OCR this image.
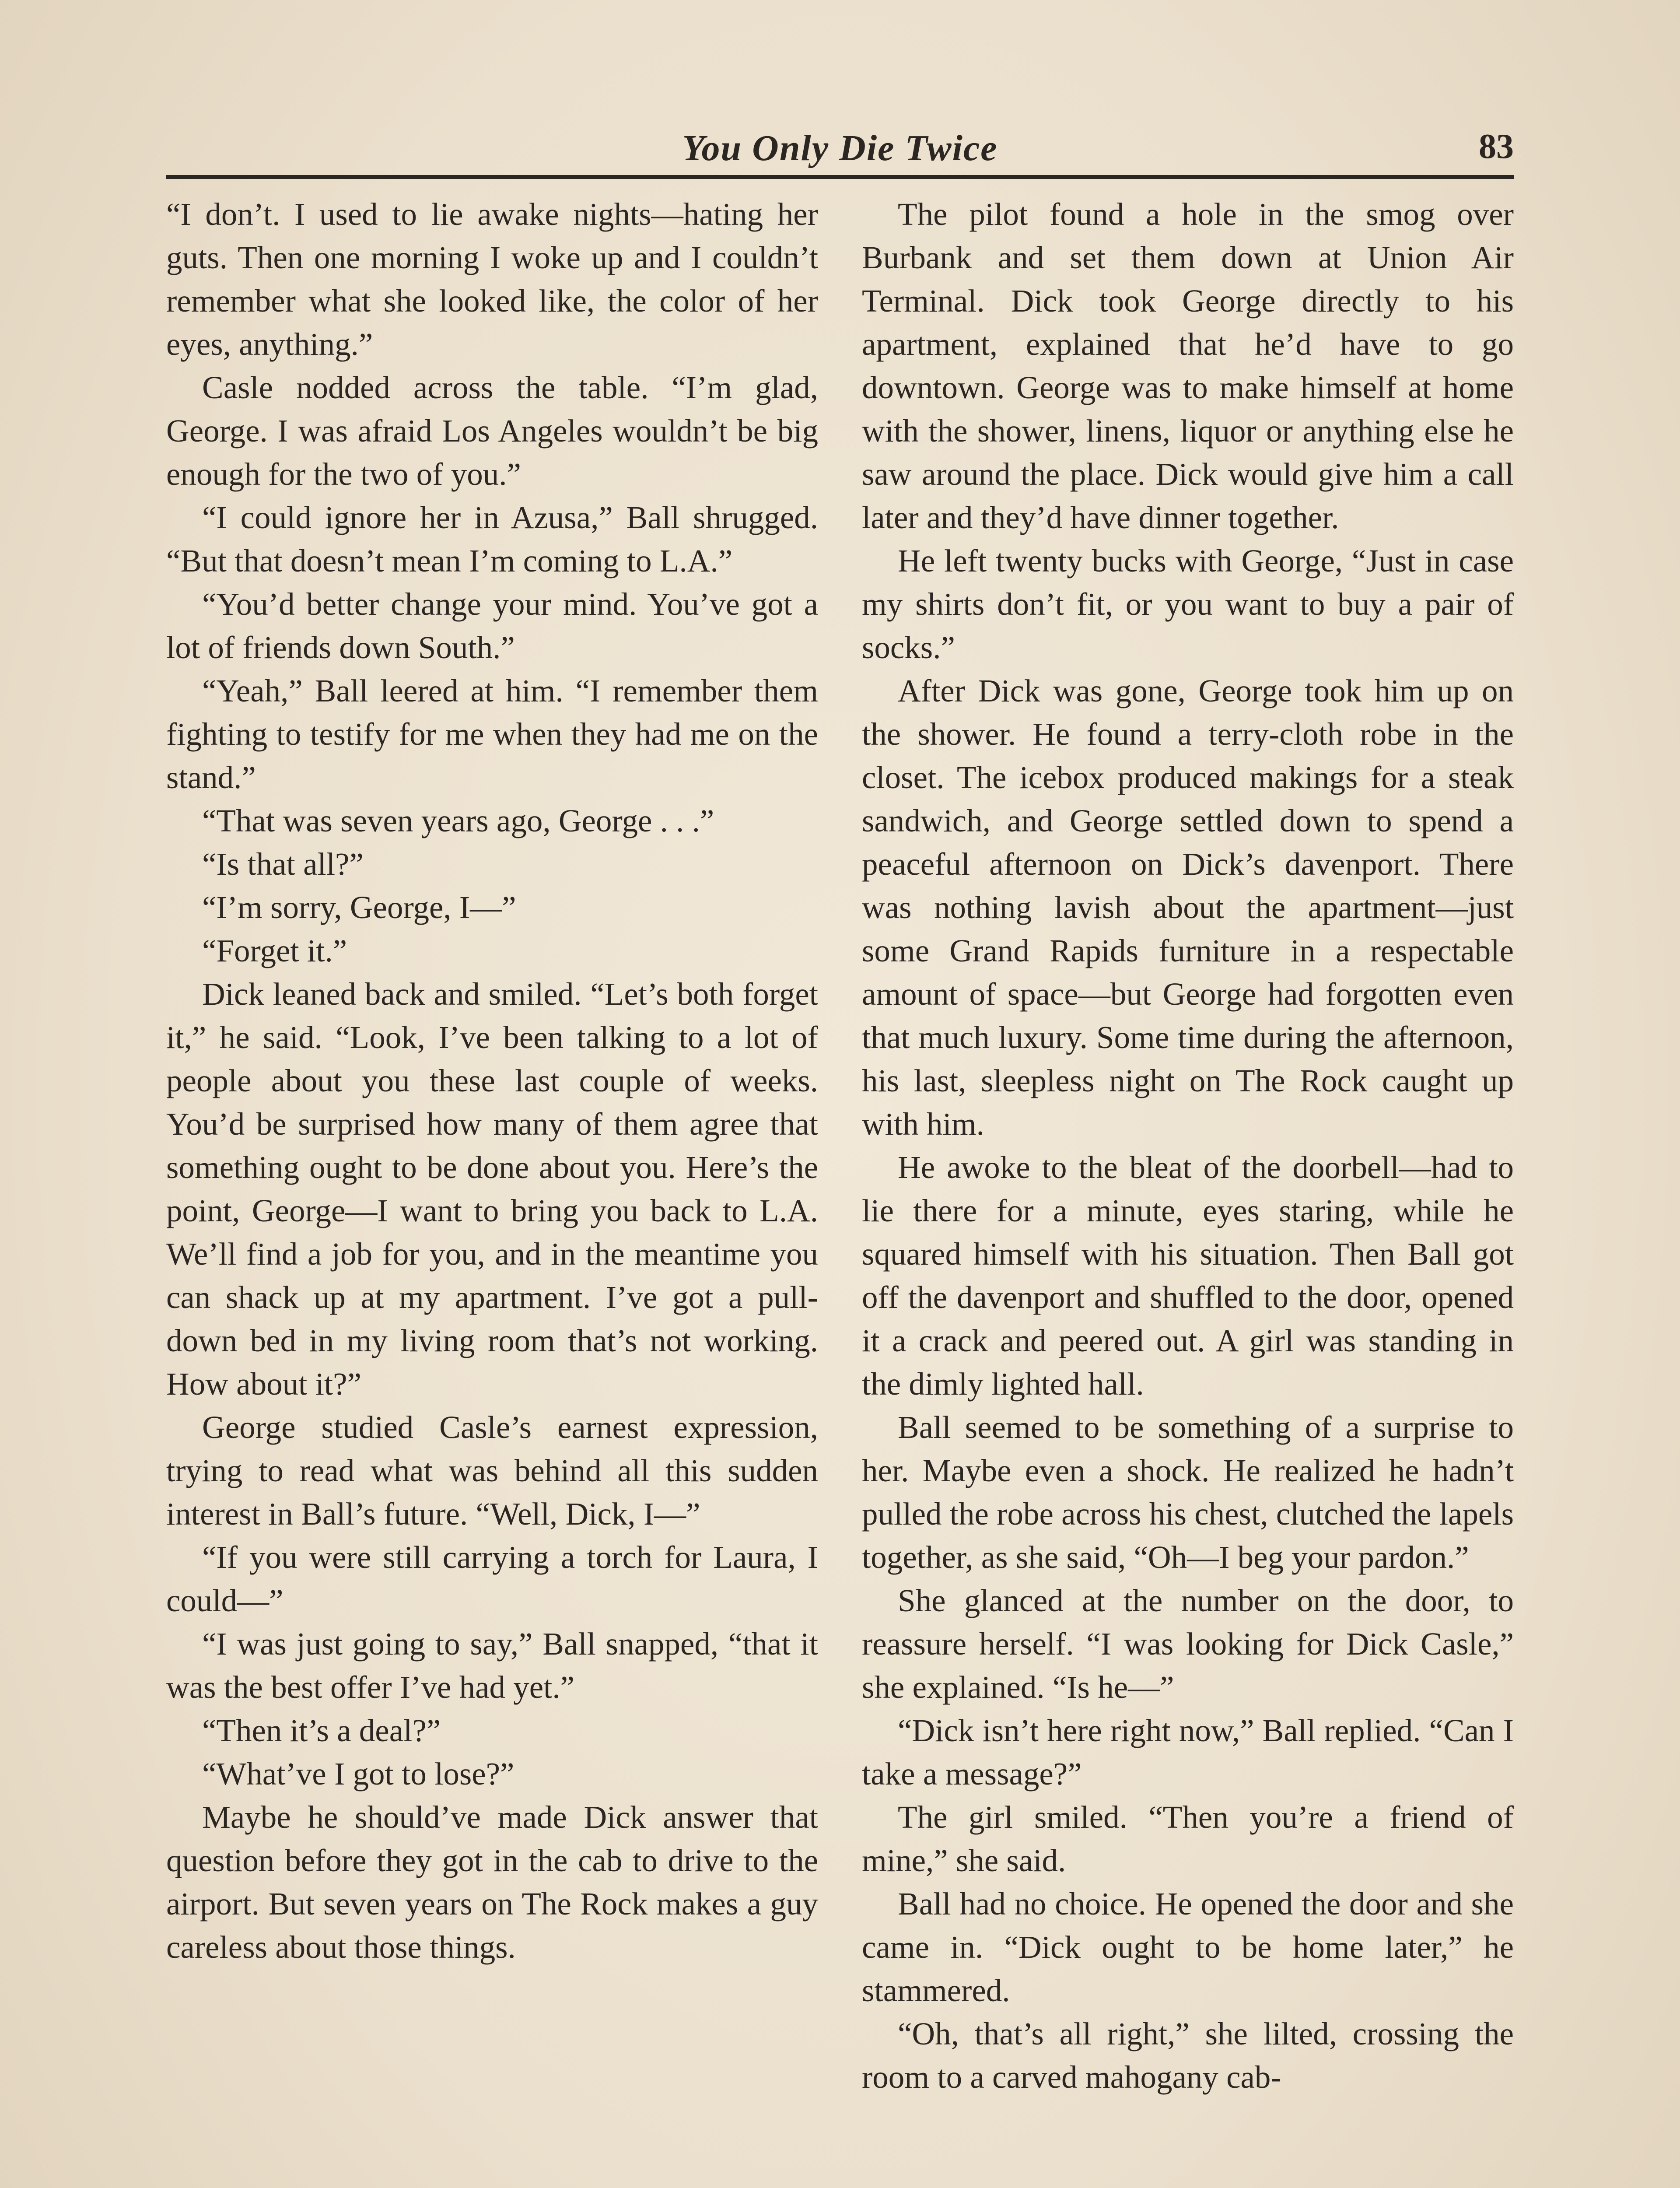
You Only Die Twice	83

“I don’t. I used to lie awake nights—hating her guts. Then one morning I woke up and I couldn’t remember what she looked like, the color of her eyes, anything.”

Casle nodded across the table. “I’m glad, George. I was afraid Los Angeles wouldn’t be big enough for the two of you.”

“I could ignore her in Azusa,” Ball shrugged. “But that doesn’t mean I’m coming to L.A.”

“You’d better change your mind. You’ve got a lot of friends down South.”

“Yeah,” Ball leered at him. “I remember them fighting to testify for me when they had me on the stand.”

“That was seven years ago, George . . .”

“Is that all?”

“I’m sorry, George, I—”

“Forget it.”

Dick leaned back and smiled. “Let’s both forget it,” he said. “Look, I’ve been talking to a lot of people about you these last couple of weeks. You’d be surprised how many of them agree that something ought to be done about you. Here’s the point, George—I want to bring you back to L.A. We’ll find a job for you, and in the meantime you can shack up at my apartment. I’ve got a pull-down bed in my living room that’s not working. How about it?”

George studied Casle’s earnest expression, trying to read what was behind all this sudden interest in Ball’s future. “Well, Dick, I—”

“If you were still carrying a torch for Laura, I could—”

“I was just going to say,” Ball snapped, “that it was the best offer I’ve had yet.”

“Then it’s a deal?”

“What’ve I got to lose?”

Maybe he should’ve made Dick answer that question before they got in the cab to drive to the airport. But seven years on The Rock makes a guy careless about those things.

The pilot found a hole in the smog over Burbank and set them down at Union Air Terminal. Dick took George directly to his apartment, explained that he’d have to go downtown. George was to make himself at home with the shower, linens, liquor or anything else he saw around the place. Dick would give him a call later and they’d have dinner together.

He left twenty bucks with George, “Just in case my shirts don’t fit, or you want to buy a pair of socks.”

After Dick was gone, George took him up on the shower. He found a terry-cloth robe in the closet. The icebox produced makings for a steak sandwich, and George settled down to spend a peaceful afternoon on Dick’s davenport. There was nothing lavish about the apartment—just some Grand Rapids furniture in a respectable amount of space—but George had forgotten even that much luxury. Some time during the afternoon, his last, sleepless night on The Rock caught up with him.

He awoke to the bleat of the doorbell—had to lie there for a minute, eyes staring, while he squared himself with his situation. Then Ball got off the davenport and shuffled to the door, opened it a crack and peered out. A girl was standing in the dimly lighted hall.

Ball seemed to be something of a surprise to her. Maybe even a shock. He realized he hadn’t pulled the robe across his chest, clutched the lapels together, as she said, “Oh—I beg your pardon.”

She glanced at the number on the door, to reassure herself. “I was looking for Dick Casle,” she explained. “Is he—”

“Dick isn’t here right now,” Ball replied. “Can I take a message?”

The girl smiled. “Then you’re a friend of mine,” she said.

Ball had no choice. He opened the door and she came in. “Dick ought to be home later,” he stammered.

“Oh, that’s all right,” she lilted, crossing the room to a carved mahogany cab-
